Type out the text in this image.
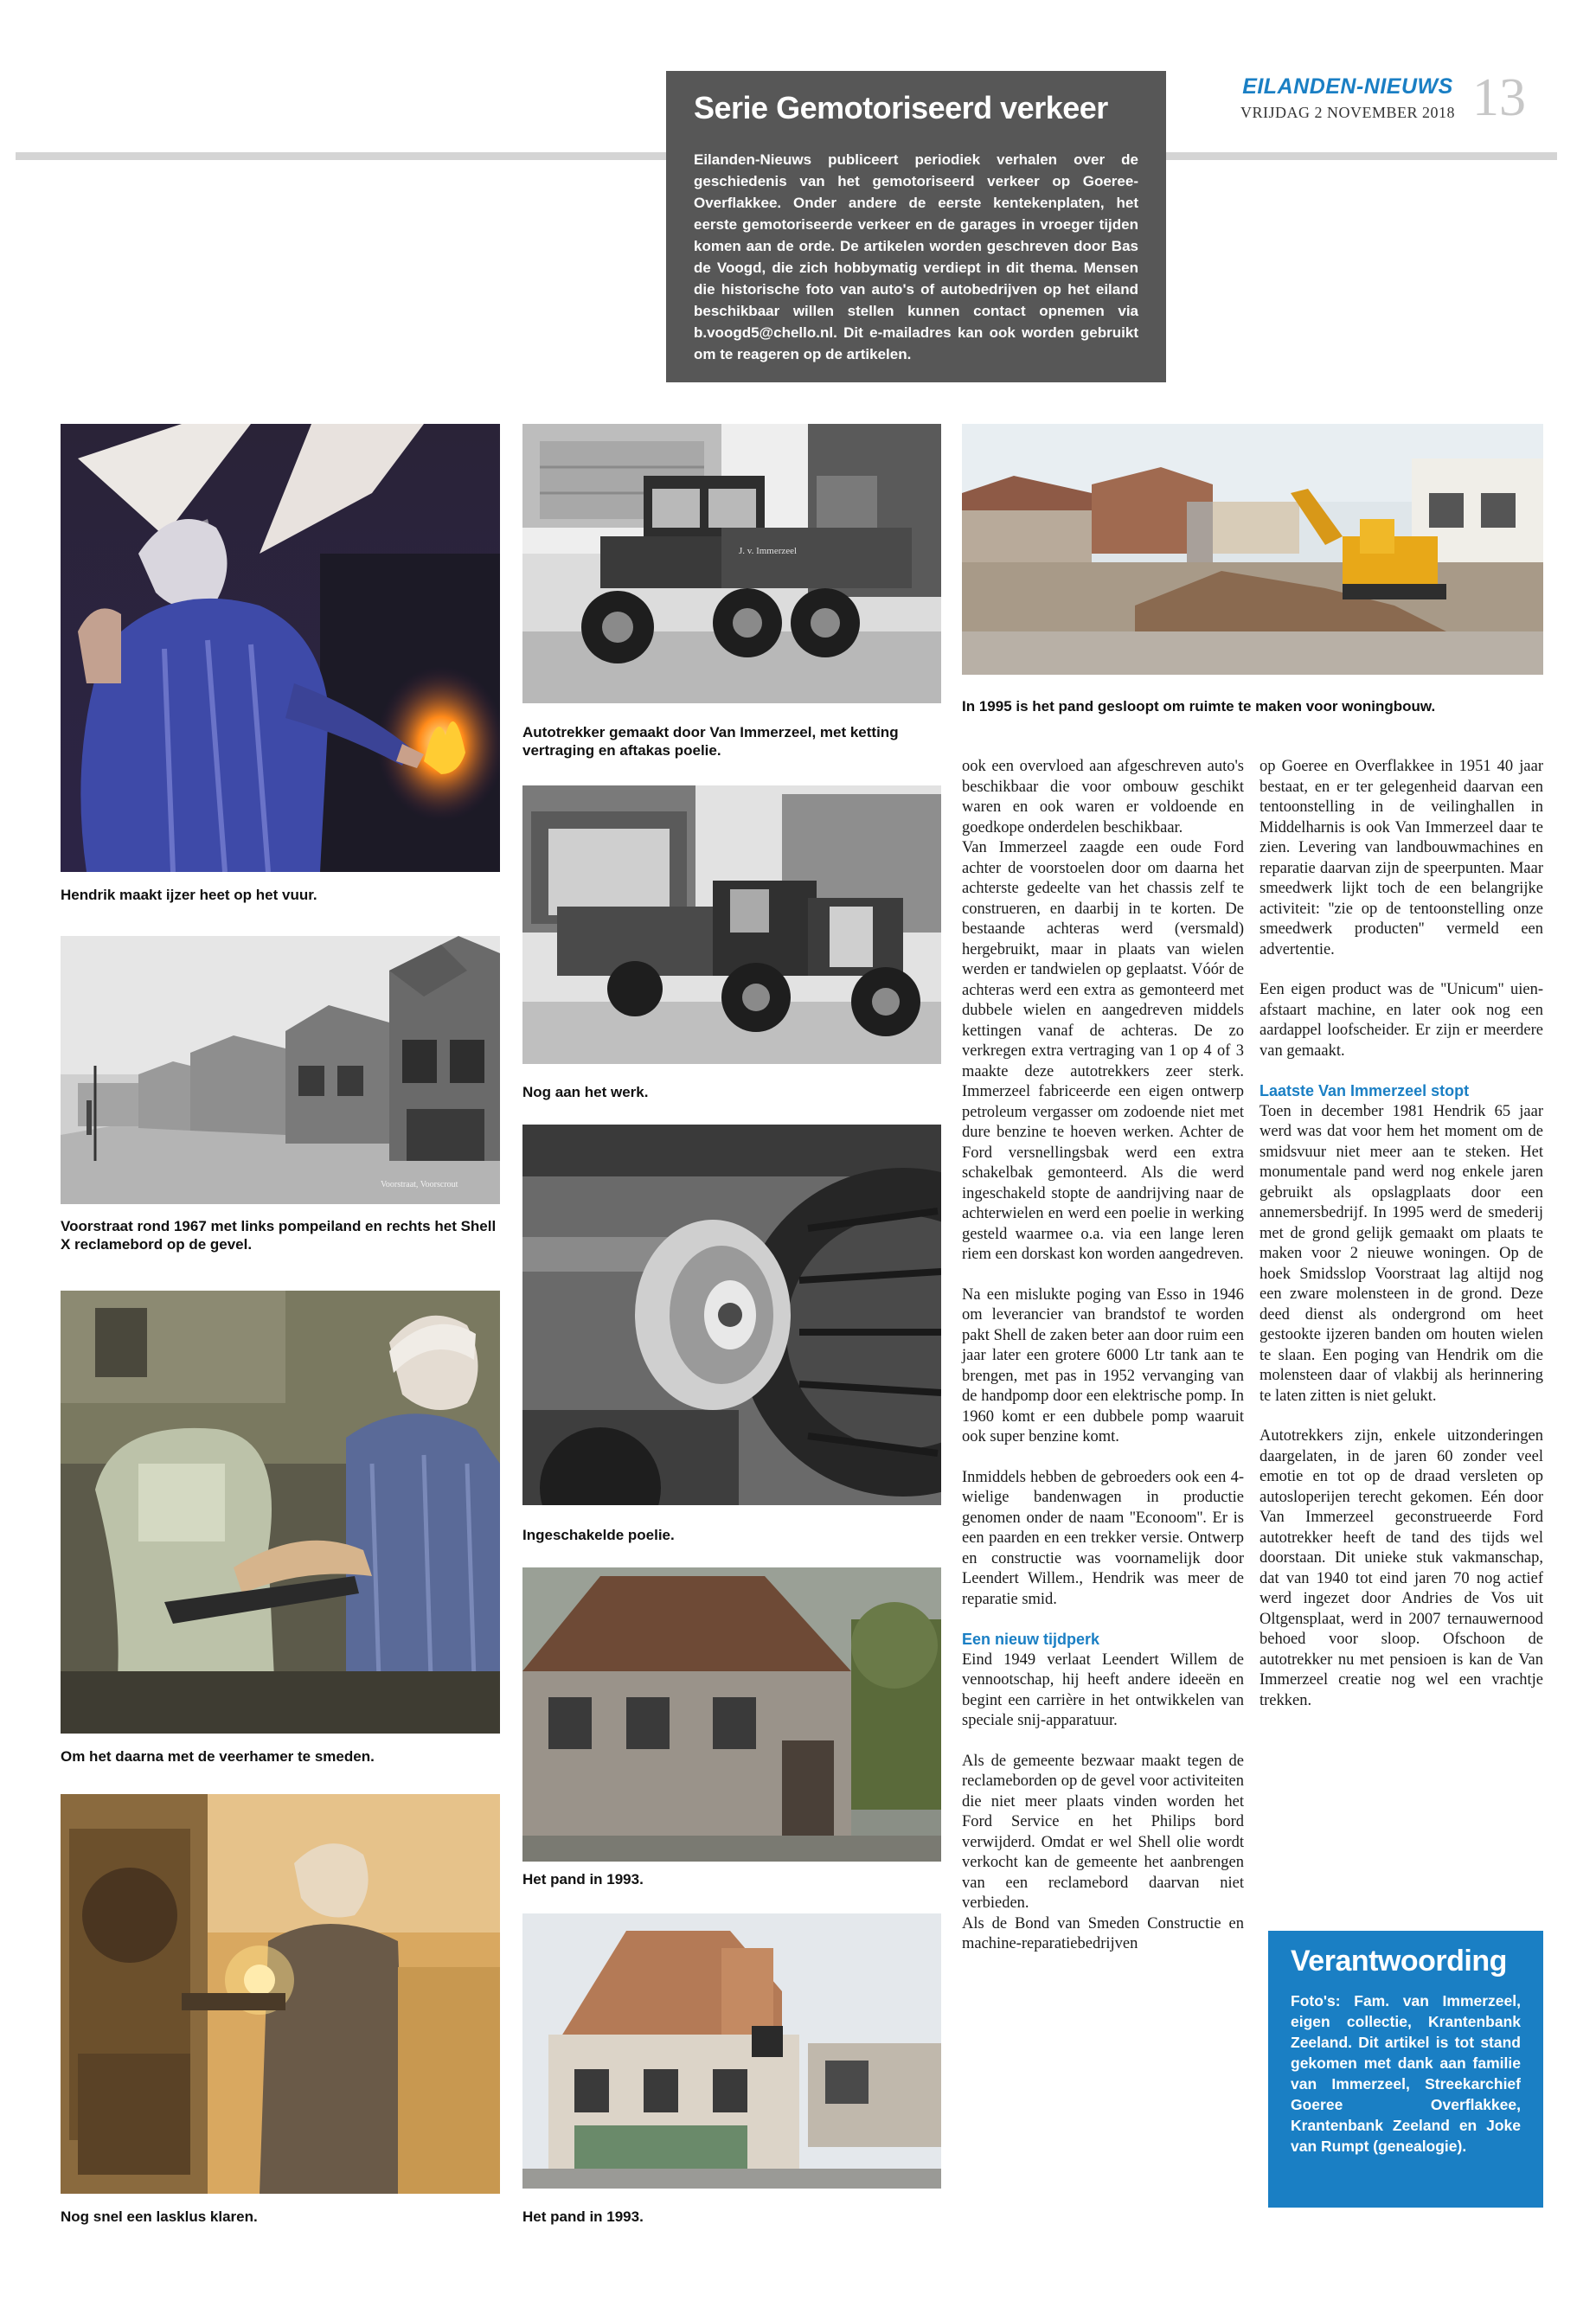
EILANDEN-NIEUWS
VRIJDAG 2 NOVEMBER 2018 13
Serie Gemotoriseerd verkeer

Eilanden-Nieuws publiceert periodiek verhalen over de geschiedenis van het gemotoriseerd verkeer op Goeree-Overflakkee. Onder andere de eerste kentekenplaten, het eerste gemotoriseerde verkeer en de garages in vroeger tijden komen aan de orde. De artikelen worden geschreven door Bas de Voogd, die zich hobbymatig verdiept in dit thema. Mensen die historische foto van auto's of autobedrijven op het eiland beschikbaar willen stellen kunnen contact opnemen via b.voogd5@chello.nl. Dit e-mailadres kan ook worden gebruikt om te reageren op de artikelen.

Hendrik maakt ijzer heet op het vuur.
Voorstraat, Voorscrout
Voorstraat rond 1967 met links pompeiland en rechts het Shell X reclamebord op de gevel.
Om het daarna met de veerhamer te smeden.
Nog snel een lasklus klaren.
J. v. Immerzeel
Autotrekker gemaakt door Van Immerzeel, met ketting vertraging en aftakas poelie.
Nog aan het werk.
Ingeschakelde poelie.
Het pand in 1993.
Het pand in 1993.
In 1995 is het pand gesloopt om ruimte te maken voor woningbouw.

ook een overvloed aan afgeschreven auto's beschikbaar die voor ombouw geschikt waren en ook waren er voldoende en goedkope onderdelen beschikbaar.

Van Immerzeel zaagde een oude Ford achter de voorstoelen door om daarna het achterste gedeelte van het chassis zelf te construeren, en daarbij in te korten. De bestaande achteras werd (versmald) hergebruikt, maar in plaats van wielen werden er tandwielen op geplaatst. Vóór de achteras werd een extra as gemonteerd met dubbele wielen en aangedreven middels kettingen vanaf de achteras. De zo verkregen extra vertraging van 1 op 4 of 3 maakte deze autotrekkers zeer sterk. Immerzeel fabriceerde een eigen ontwerp petroleum vergasser om zodoende niet met dure benzine te hoeven werken. Achter de Ford versnellingsbak werd een extra schakelbak gemonteerd. Als die werd ingeschakeld stopte de aandrijving naar de achterwielen en werd een poelie in werking gesteld waarmee o.a. via een lange leren riem een dorskast kon worden aangedreven.

Na een mislukte poging van Esso in 1946 om leverancier van brandstof te worden pakt Shell de zaken beter aan door ruim een jaar later een grotere 6000 Ltr tank aan te brengen, met pas in 1952 vervanging van de handpomp door een elektrische pomp. In 1960 komt er een dubbele pomp waaruit ook super benzine komt.

Inmiddels hebben de gebroeders ook een 4-wielige bandenwagen in productie genomen onder de naam ''Econoom''. Er is een paarden en een trekker versie. Ontwerp en constructie was voornamelijk door Leendert Willem., Hendrik was meer de reparatie smid.

Een nieuw tijdperk

Eind 1949 verlaat Leendert Willem de vennootschap, hij heeft andere ideeën en begint een carrière in het ontwikkelen van speciale snij-apparatuur.

Als de gemeente bezwaar maakt tegen de reclameborden op de gevel voor activiteiten die niet meer plaats vinden worden het Ford Service en het Philips bord verwijderd. Omdat er wel Shell olie wordt verkocht kan de gemeente het aanbrengen van een reclamebord daarvan niet verbieden.

Als de Bond van Smeden Constructie en machine-reparatiebedrijven

op Goeree en Overflakkee in 1951 40 jaar bestaat, en er ter gelegenheid daarvan een tentoonstelling in de veilinghallen in Middelharnis is ook Van Immerzeel daar te zien. Levering van landbouwmachines en reparatie daarvan zijn de speerpunten. Maar smeedwerk lijkt toch de een belangrijke activiteit: ''zie op de tentoonstelling onze smeedwerk producten'' vermeld een advertentie.

Een eigen product was de ''Unicum'' uien-afstaart machine, en later ook nog een aardappel loofscheider. Er zijn er meerdere van gemaakt.

Laatste Van Immerzeel stopt

Toen in december 1981 Hendrik 65 jaar werd was dat voor hem het moment om de smidsvuur niet meer aan te steken. Het monumentale pand werd nog enkele jaren gebruikt als opslagplaats door een annemersbedrijf. In 1995 werd de smederij met de grond gelijk gemaakt om plaats te maken voor 2 nieuwe woningen. Op de hoek Smidsslop Voorstraat lag altijd nog een zware molensteen in de grond. Deze deed dienst als ondergrond om heet gestookte ijzeren banden om houten wielen te slaan. Een poging van Hendrik om die molensteen daar of vlakbij als herinnering te laten zitten is niet gelukt.

Autotrekkers zijn, enkele uitzonderingen daargelaten, in de jaren 60 zonder veel emotie en tot op de draad versleten op autosloperijen terecht gekomen. Eén door Van Immerzeel geconstrueerde Ford autotrekker heeft de tand des tijds wel doorstaan. Dit unieke stuk vakmanschap, dat van 1940 tot eind jaren 70 nog actief werd ingezet door Andries de Vos uit Oltgensplaat, werd in 2007 ternauwernood behoed voor sloop. Ofschoon de autotrekker nu met pensioen is kan de Van Immerzeel creatie nog wel een vrachtje trekken.

Verantwoording

Foto's: Fam. van Immerzeel, eigen collectie, Krantenbank Zeeland. Dit artikel is tot stand gekomen met dank aan familie van Immerzeel, Streekarchief Goeree Overflakkee, Krantenbank Zeeland en Joke van Rumpt (genealogie).
